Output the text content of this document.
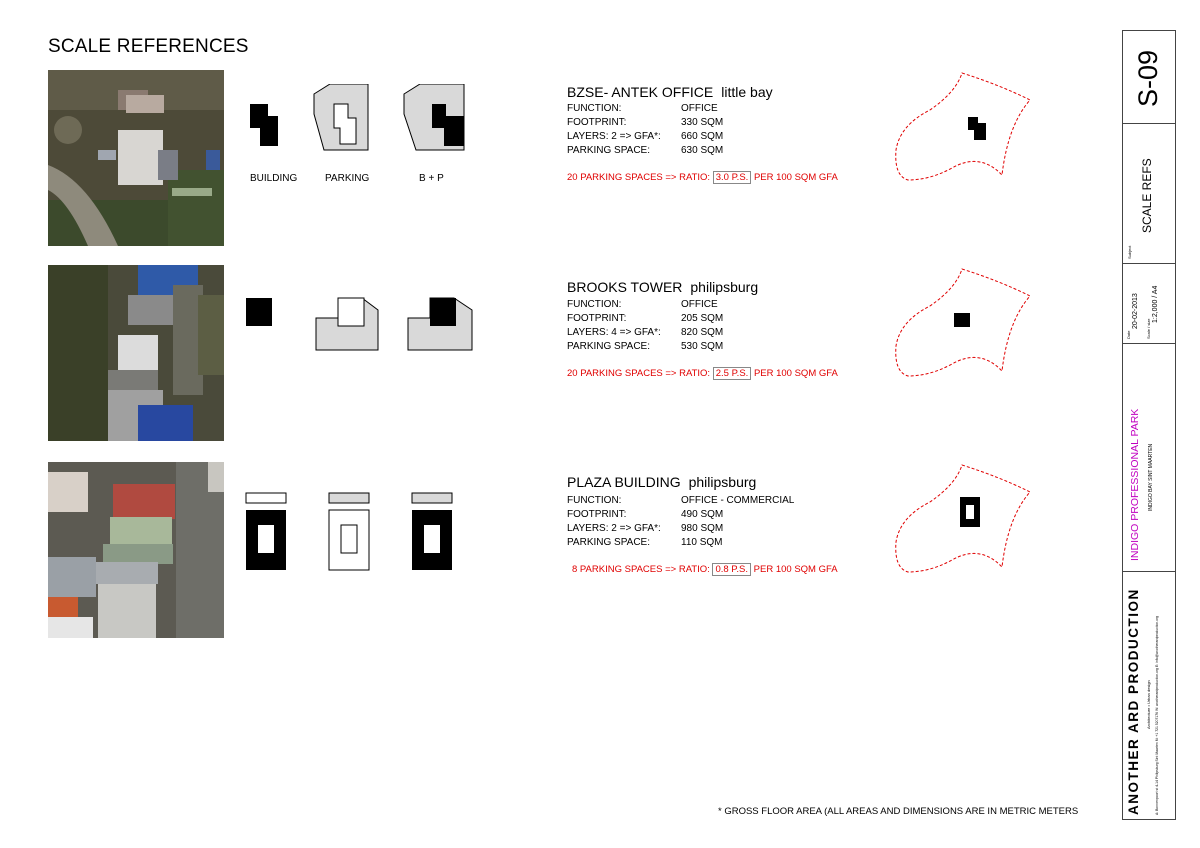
SCALE REFERENCES
BUILDING	PARKING	B + P
BZSE- ANTEK OFFICE little bay
FUNCTION:	OFFICE
FOOTPRINT:	330 SQM
LAYERS: 2 => GFA*:	660 SQM
PARKING SPACE:	630 SQM
20 PARKING SPACES => RATIO: 3.0 P.S. PER 100 SQM GFA
BROOKS TOWER philipsburg
FUNCTION:	OFFICE
FOOTPRINT:	205 SQM
LAYERS: 4 => GFA*:	820 SQM
PARKING SPACE:	530 SQM
20 PARKING SPACES => RATIO: 2.5 P.S. PER 100 SQM GFA
PLAZA BUILDING philipsburg
FUNCTION:	OFFICE - COMMERCIAL
FOOTPRINT:	490 SQM
LAYERS: 2 => GFA*:	980 SQM
PARKING SPACE:	110 SQM
8 PARKING SPACES => RATIO: 0.8 P.S. PER 100 SQM GFA
* GROSS FLOOR AREA (ALL AREAS AND DIMENSIONS ARE IN METRIC METERS
S-09
SCALE REFS
Subject
Date
20-02-2013 Scale / size
1:2,000 / A4
INDIGO PROFESSIONAL PARK INDIGO BAY SINT MAARTEN
ANOTHER ARD PRODUCTION Architecture • Urban design A: Bonnenpoort st 4-14 Philipsburg Sint Maarten M: +1 721 5207176 W: anotherardproduction.org E: info@anotherardproduction.org
